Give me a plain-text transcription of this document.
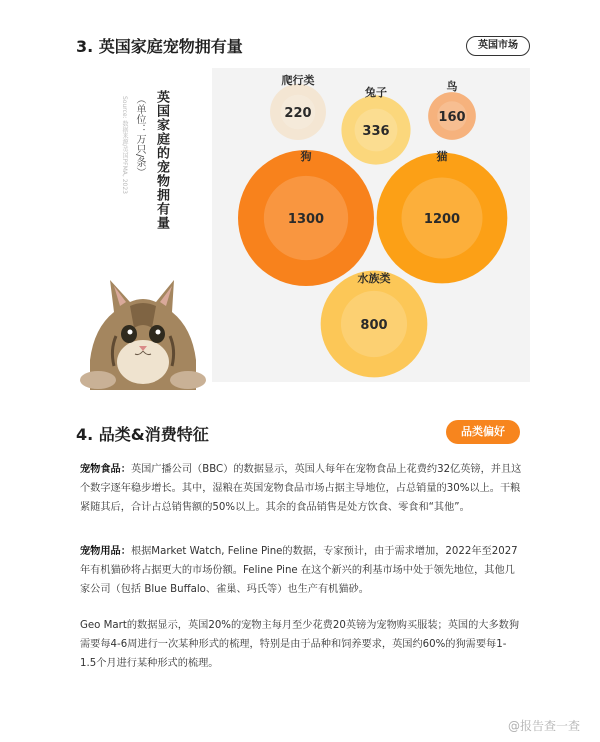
3. 英国家庭宠物拥有量	英国市场
英国家庭的宠物拥有量
（单位：万只/条）
Source: 数据来源/英国PFMA, 2023	狗
1300
猫
1200
水族类
800
兔子
336
爬行类
220
鸟
160
4. 品类&消费特征	品类偏好
宠物食品：英国广播公司（BBC）的数据显示，英国人每年在宠物食品上花费约32亿英镑，并且这个数字逐年稳步增长。其中，湿粮在英国宠物食品市场占据主导地位，占总销量的30%以上。干粮紧随其后，合计占总销售额的50%以上。其余的食品销售是处方饮食、零食和“其他”。
宠物用品：根据Market Watch, Feline Pine的数据，专家预计，由于需求增加，2022年至2027年有机猫砂将占据更大的市场份额。Feline Pine 在这个新兴的利基市场中处于领先地位，其他几家公司（包括 Blue Buffalo、雀巢、玛氏等）也生产有机猫砂。
Geo Mart的数据显示，英国20%的宠物主每月至少花费20英镑为宠物购买服装；英国的大多数狗需要每4-6周进行一次某种形式的梳理，特别是由于品种和饲养要求，英国约60%的狗需要每1-1.5个月进行某种形式的梳理。
@报告查一查
